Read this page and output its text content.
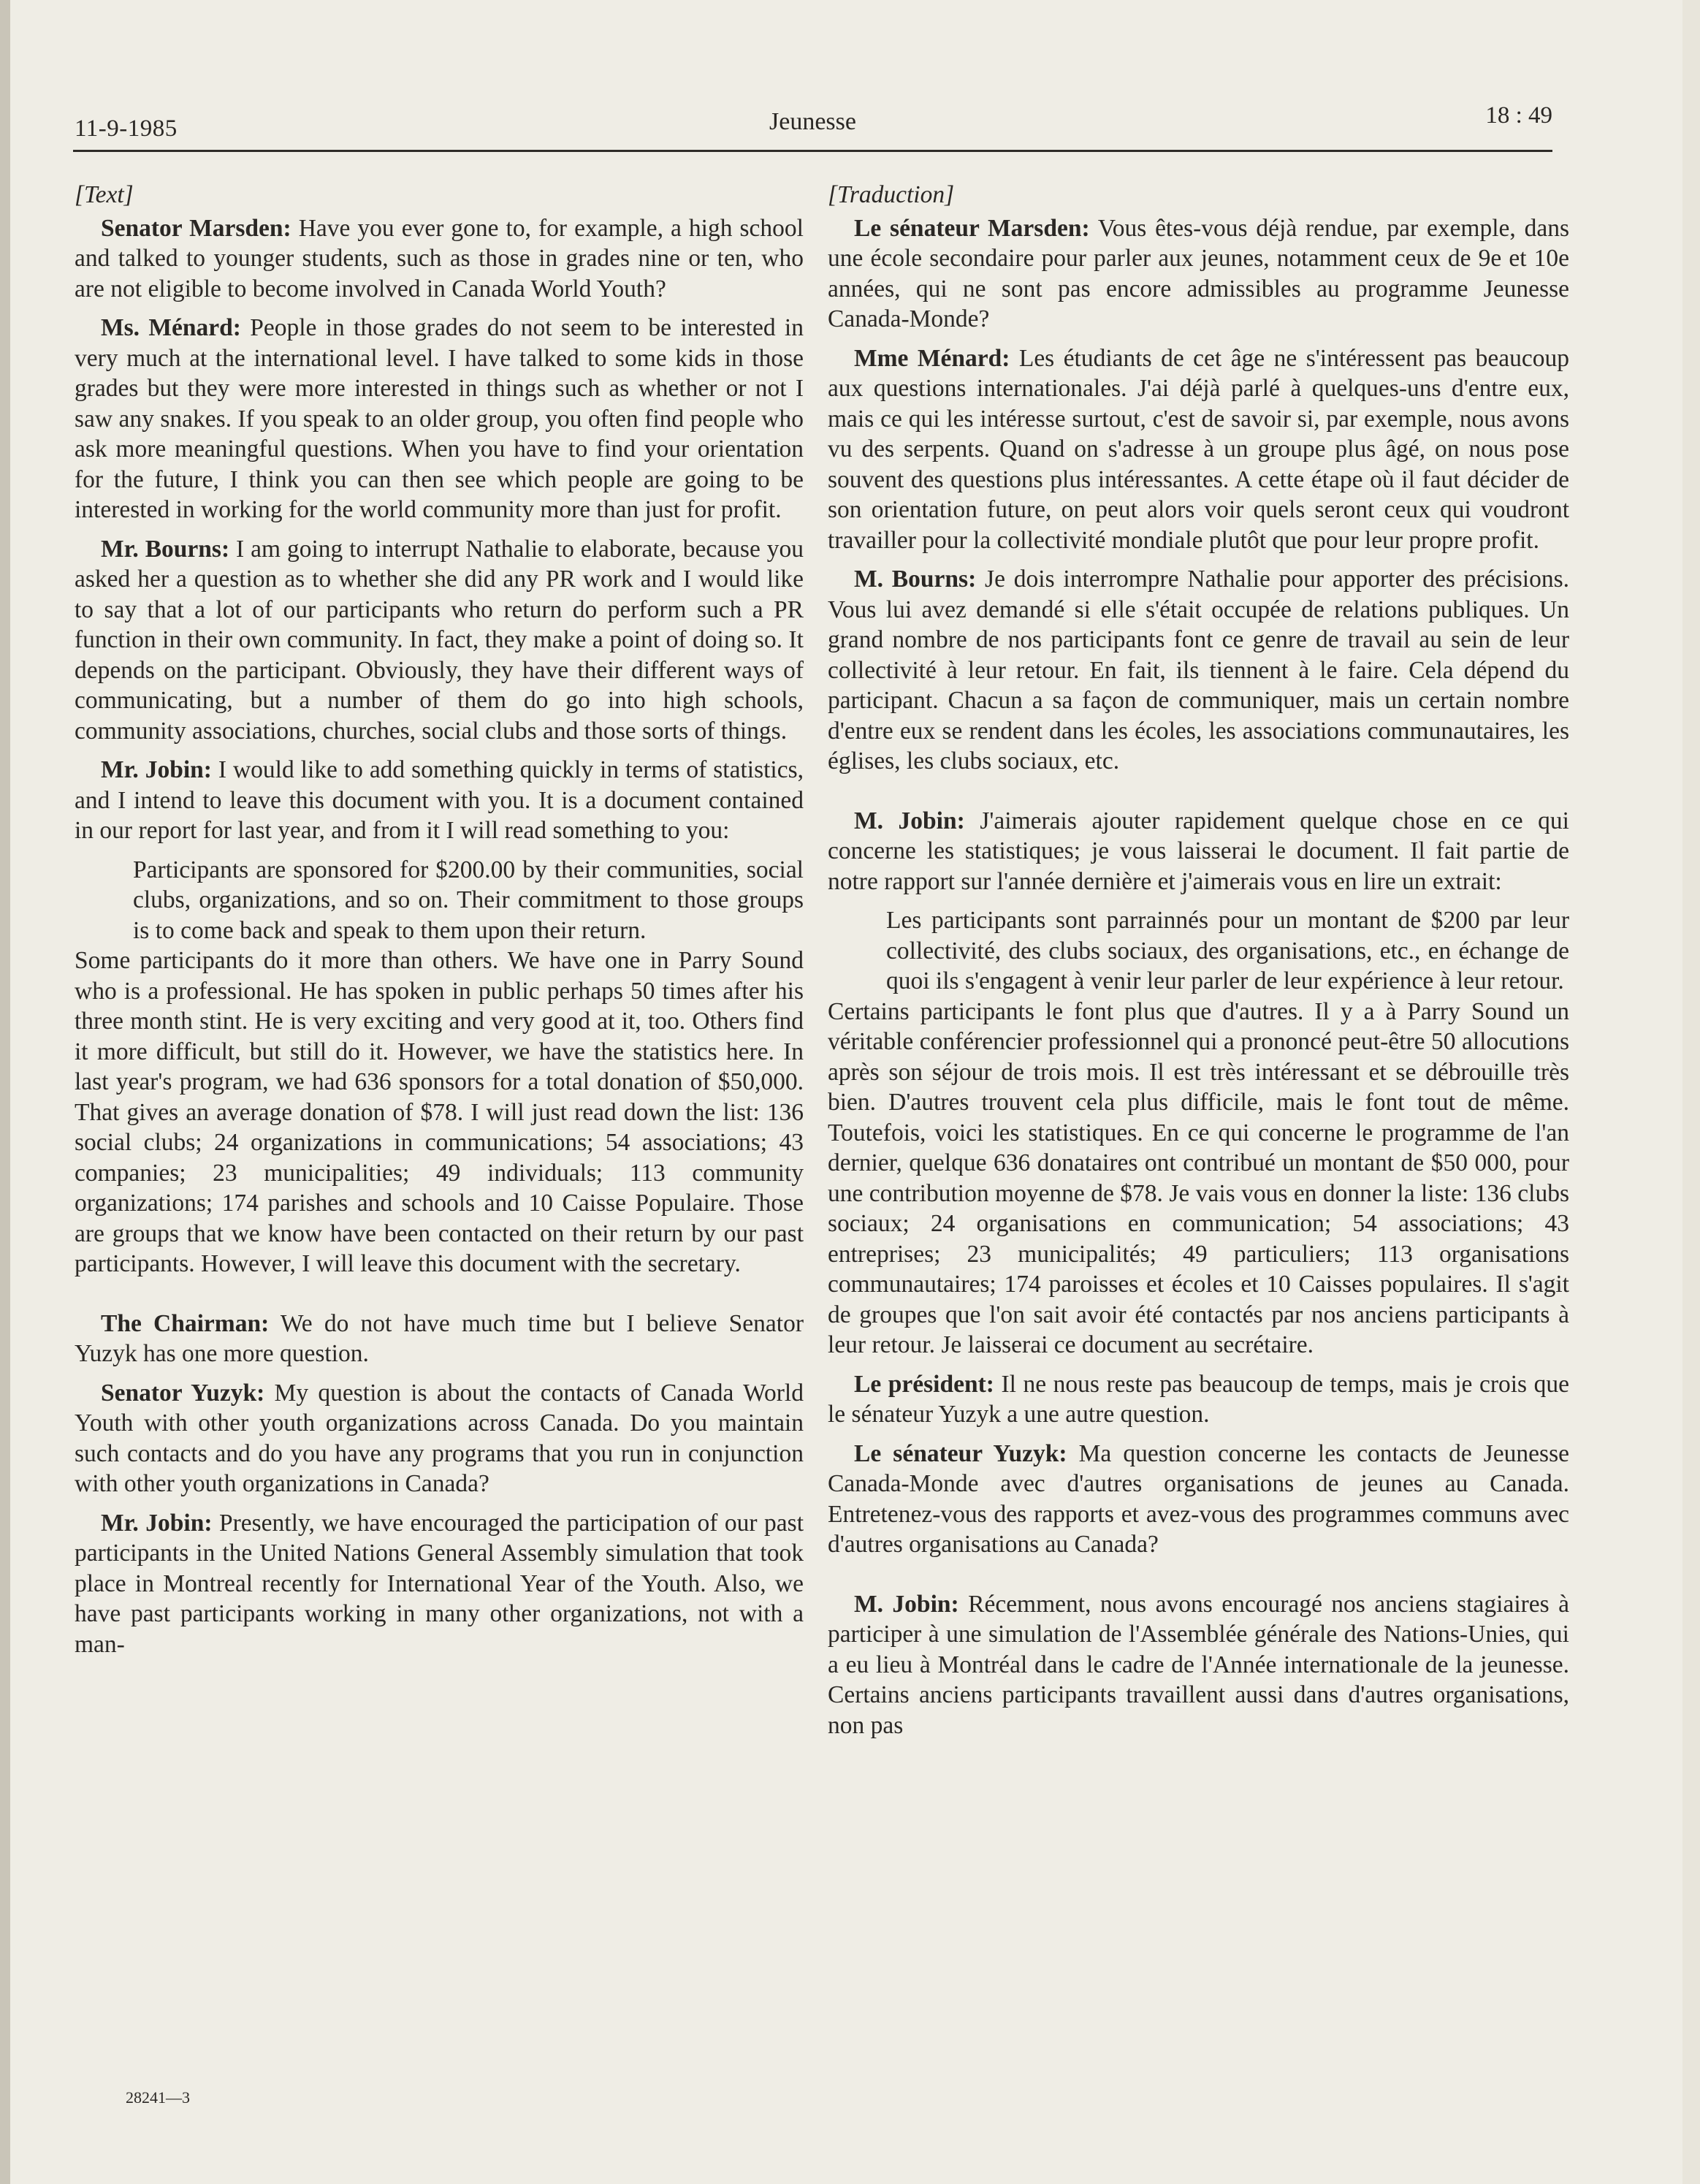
11-9-1985	Jeunesse	18 : 49

[Text]

Senator Marsden: Have you ever gone to, for example, a high school and talked to younger students, such as those in grades nine or ten, who are not eligible to become involved in Canada World Youth?

Ms. Ménard: People in those grades do not seem to be interested in very much at the international level. I have talked to some kids in those grades but they were more interested in things such as whether or not I saw any snakes. If you speak to an older group, you often find people who ask more meaningful questions. When you have to find your orientation for the future, I think you can then see which people are going to be interested in working for the world community more than just for profit.

Mr. Bourns: I am going to interrupt Nathalie to elaborate, because you asked her a question as to whether she did any PR work and I would like to say that a lot of our participants who return do perform such a PR function in their own community. In fact, they make a point of doing so. It depends on the participant. Obviously, they have their different ways of communicating, but a number of them do go into high schools, community associations, churches, social clubs and those sorts of things.

Mr. Jobin: I would like to add something quickly in terms of statistics, and I intend to leave this document with you. It is a document contained in our report for last year, and from it I will read something to you:

Participants are sponsored for $200.00 by their communities, social clubs, organizations, and so on. Their commitment to those groups is to come back and speak to them upon their return.

Some participants do it more than others. We have one in Parry Sound who is a professional. He has spoken in public perhaps 50 times after his three month stint. He is very exciting and very good at it, too. Others find it more difficult, but still do it. However, we have the statistics here. In last year's program, we had 636 sponsors for a total donation of $50,000. That gives an average donation of $78. I will just read down the list: 136 social clubs; 24 organizations in communications; 54 associations; 43 companies; 23 municipalities; 49 individuals; 113 community organizations; 174 parishes and schools and 10 Caisse Populaire. Those are groups that we know have been contacted on their return by our past participants. However, I will leave this document with the secretary.

The Chairman: We do not have much time but I believe Senator Yuzyk has one more question.

Senator Yuzyk: My question is about the contacts of Canada World Youth with other youth organizations across Canada. Do you maintain such contacts and do you have any programs that you run in conjunction with other youth organizations in Canada?

Mr. Jobin: Presently, we have encouraged the participation of our past participants in the United Nations General Assembly simulation that took place in Montreal recently for International Year of the Youth. Also, we have past participants working in many other organizations, not with a man-

[Traduction]

Le sénateur Marsden: Vous êtes-vous déjà rendue, par exemple, dans une école secondaire pour parler aux jeunes, notamment ceux de 9e et 10e années, qui ne sont pas encore admissibles au programme Jeunesse Canada-Monde?

Mme Ménard: Les étudiants de cet âge ne s'intéressent pas beaucoup aux questions internationales. J'ai déjà parlé à quelques-uns d'entre eux, mais ce qui les intéresse surtout, c'est de savoir si, par exemple, nous avons vu des serpents. Quand on s'adresse à un groupe plus âgé, on nous pose souvent des questions plus intéressantes. A cette étape où il faut décider de son orientation future, on peut alors voir quels seront ceux qui voudront travailler pour la collectivité mondiale plutôt que pour leur propre profit.

M. Bourns: Je dois interrompre Nathalie pour apporter des précisions. Vous lui avez demandé si elle s'était occupée de relations publiques. Un grand nombre de nos participants font ce genre de travail au sein de leur collectivité à leur retour. En fait, ils tiennent à le faire. Cela dépend du participant. Chacun a sa façon de communiquer, mais un certain nombre d'entre eux se rendent dans les écoles, les associations communautaires, les églises, les clubs sociaux, etc.

M. Jobin: J'aimerais ajouter rapidement quelque chose en ce qui concerne les statistiques; je vous laisserai le document. Il fait partie de notre rapport sur l'année dernière et j'aimerais vous en lire un extrait:

Les participants sont parrainnés pour un montant de $200 par leur collectivité, des clubs sociaux, des organisations, etc., en échange de quoi ils s'engagent à venir leur parler de leur expérience à leur retour.

Certains participants le font plus que d'autres. Il y a à Parry Sound un véritable conférencier professionnel qui a prononcé peut-être 50 allocutions après son séjour de trois mois. Il est très intéressant et se débrouille très bien. D'autres trouvent cela plus difficile, mais le font tout de même. Toutefois, voici les statistiques. En ce qui concerne le programme de l'an dernier, quelque 636 donataires ont contribué un montant de $50 000, pour une contribution moyenne de $78. Je vais vous en donner la liste: 136 clubs sociaux; 24 organisations en communication; 54 associations; 43 entreprises; 23 municipalités; 49 particuliers; 113 organisations communautaires; 174 paroisses et écoles et 10 Caisses populaires. Il s'agit de groupes que l'on sait avoir été contactés par nos anciens participants à leur retour. Je laisserai ce document au secrétaire.

Le président: Il ne nous reste pas beaucoup de temps, mais je crois que le sénateur Yuzyk a une autre question.

Le sénateur Yuzyk: Ma question concerne les contacts de Jeunesse Canada-Monde avec d'autres organisations de jeunes au Canada. Entretenez-vous des rapports et avez-vous des programmes communs avec d'autres organisations au Canada?

M. Jobin: Récemment, nous avons encouragé nos anciens stagiaires à participer à une simulation de l'Assemblée générale des Nations-Unies, qui a eu lieu à Montréal dans le cadre de l'Année internationale de la jeunesse. Certains anciens participants travaillent aussi dans d'autres organisations, non pas

28241—3
